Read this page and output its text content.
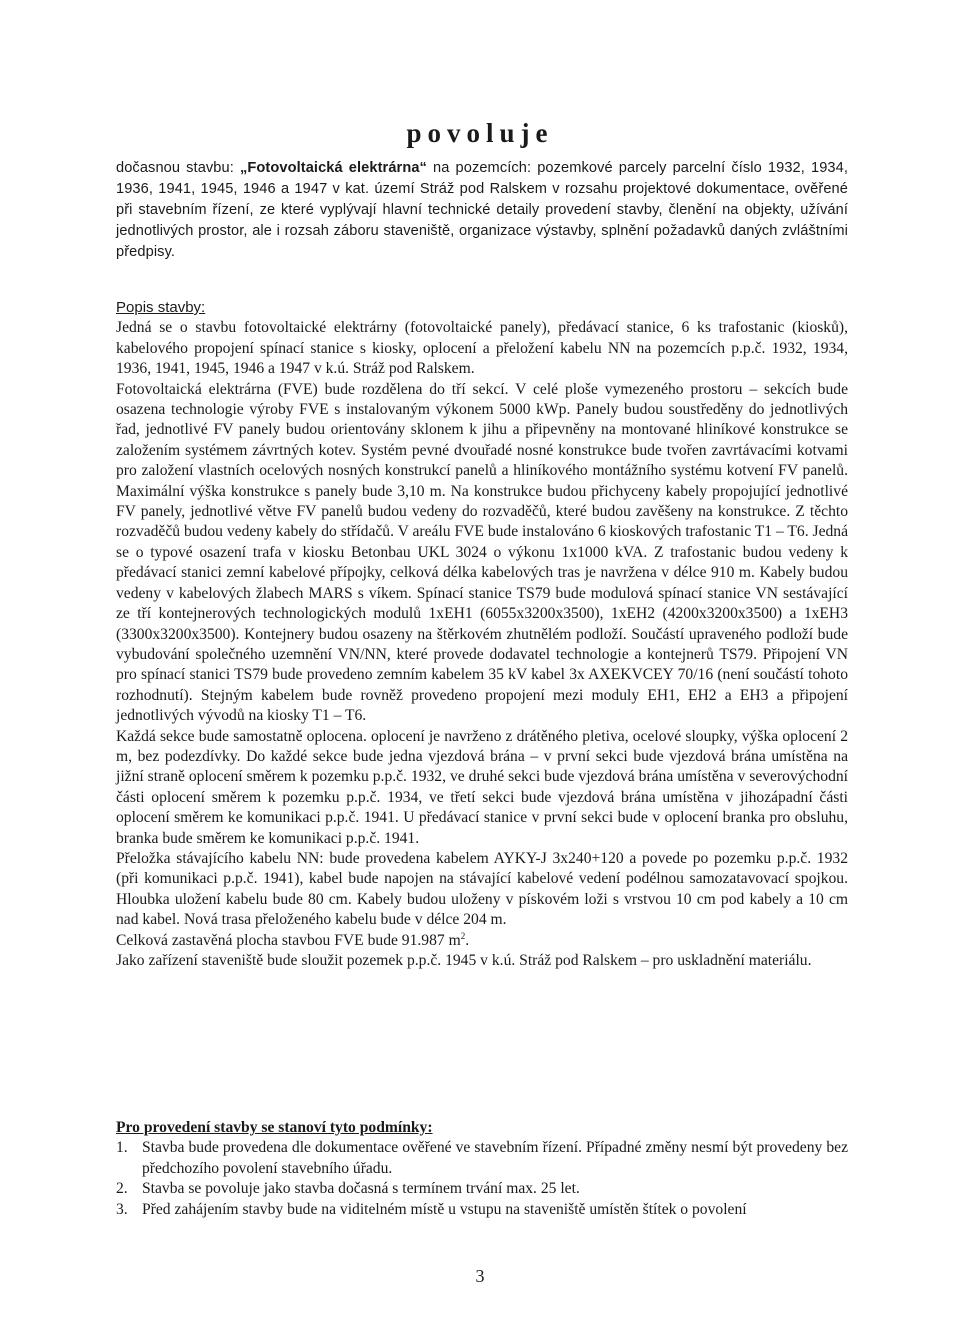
povoluje
dočasnou stavbu: „Fotovoltaická elektrárna“ na pozemcích: pozemkové parcely parcelní číslo 1932, 1934, 1936, 1941, 1945, 1946 a 1947 v kat. území Stráž pod Ralskem v rozsahu projektové dokumentace, ověřené při stavebním řízení, ze které vyplývají hlavní technické detaily provedení stavby, členění na objekty, užívání jednotlivých prostor, ale i rozsah záboru staveniště, organizace výstavby, splnění požadavků daných zvláštními předpisy.
Popis stavby:

Jedná se o stavbu fotovoltaické elektrárny (fotovoltaické panely), předávací stanice, 6 ks trafostanic (kiosků), kabelového propojení spínací stanice s kiosky, oplocení a přeložení kabelu NN na pozemcích p.p.č. 1932, 1934, 1936, 1941, 1945, 1946 a 1947 v k.ú. Stráž pod Ralskem.

Fotovoltaická elektrárna (FVE) bude rozdělena do tří sekcí. V celé ploše vymezeného prostoru – sekcích bude osazena technologie výroby FVE s instalovaným výkonem 5000 kWp. Panely budou soustředěny do jednotlivých řad, jednotlivé FV panely budou orientovány sklonem k jihu a připevněny na montované hliníkové konstrukce se založením systémem závrtných kotev. Systém pevné dvouřadé nosné konstrukce bude tvořen zavrtávacími kotvami pro založení vlastních ocelových nosných konstrukcí panelů a hliníkového montážního systému kotvení FV panelů. Maximální výška konstrukce s panely bude 3,10 m. Na konstrukce budou přichyceny kabely propojující jednotlivé FV panely, jednotlivé větve FV panelů budou vedeny do rozvaděčů, které budou zavěšeny na konstrukce. Z těchto rozvaděčů budou vedeny kabely do střídačů. V areálu FVE bude instalováno 6 kioskových trafostanic T1 – T6. Jedná se o typové osazení trafa v kiosku Betonbau UKL 3024 o výkonu 1x1000 kVA. Z trafostanic budou vedeny k předávací stanici zemní kabelové přípojky, celková délka kabelových tras je navržena v délce 910 m. Kabely budou vedeny v kabelových žlabech MARS s víkem. Spínací stanice TS79 bude modulová spínací stanice VN sestávající ze tří kontejnerových technologických modulů 1xEH1 (6055x3200x3500), 1xEH2 (4200x3200x3500) a 1xEH3 (3300x3200x3500). Kontejnery budou osazeny na štěrkovém zhutnělém podloží. Součástí upraveného podloží bude vybudování společného uzemnění VN/NN, které provede dodavatel technologie a kontejnerů TS79. Připojení VN pro spínací stanici TS79 bude provedeno zemním kabelem 35 kV kabel 3x AXEKVCEY 70/16 (není součástí tohoto rozhodnutí). Stejným kabelem bude rovněž provedeno propojení mezi moduly EH1, EH2 a EH3 a připojení jednotlivých vývodů na kiosky T1 – T6.

Každá sekce bude samostatně oplocena. oplocení je navrženo z drátěného pletiva, ocelové sloupky, výška oplocení 2 m, bez podezdívky. Do každé sekce bude jedna vjezdová brána – v první sekci bude vjezdová brána umístěna na jižní straně oplocení směrem k pozemku p.p.č. 1932, ve druhé sekci bude vjezdová brána umístěna v severovýchodní části oplocení směrem k pozemku p.p.č. 1934, ve třetí sekci bude vjezdová brána umístěna v jihozápadní části oplocení směrem ke komunikaci p.p.č. 1941. U předávací stanice v první sekci bude v oplocení branka pro obsluhu, branka bude směrem ke komunikaci p.p.č. 1941.

Přeložka stávajícího kabelu NN: bude provedena kabelem AYKY-J 3x240+120 a povede po pozemku p.p.č. 1932 (při komunikaci p.p.č. 1941), kabel bude napojen na stávající kabelové vedení podélnou samozatavovací spojkou. Hloubka uložení kabelu bude 80 cm. Kabely budou uloženy v pískovém loži s vrstvou 10 cm pod kabely a 10 cm nad kabel. Nová trasa přeloženého kabelu bude v délce 204 m.

Celková zastavěná plocha stavbou FVE bude 91.987 $m^2$.

Jako zařízení staveniště bude sloužit pozemek p.p.č. 1945 v k.ú. Stráž pod Ralskem – pro uskladnění materiálu.

Pro provedení stavby se stanoví tyto podmínky:
1. Stavba bude provedena dle dokumentace ověřené ve stavebním řízení. Případné změny nesmí být provedeny bez předchozího povolení stavebního úřadu.
2. Stavba se povoluje jako stavba dočasná s termínem trvání max. 25 let.
3. Před zahájením stavby bude na viditelném místě u vstupu na staveniště umístěn štítek o povolení
3
